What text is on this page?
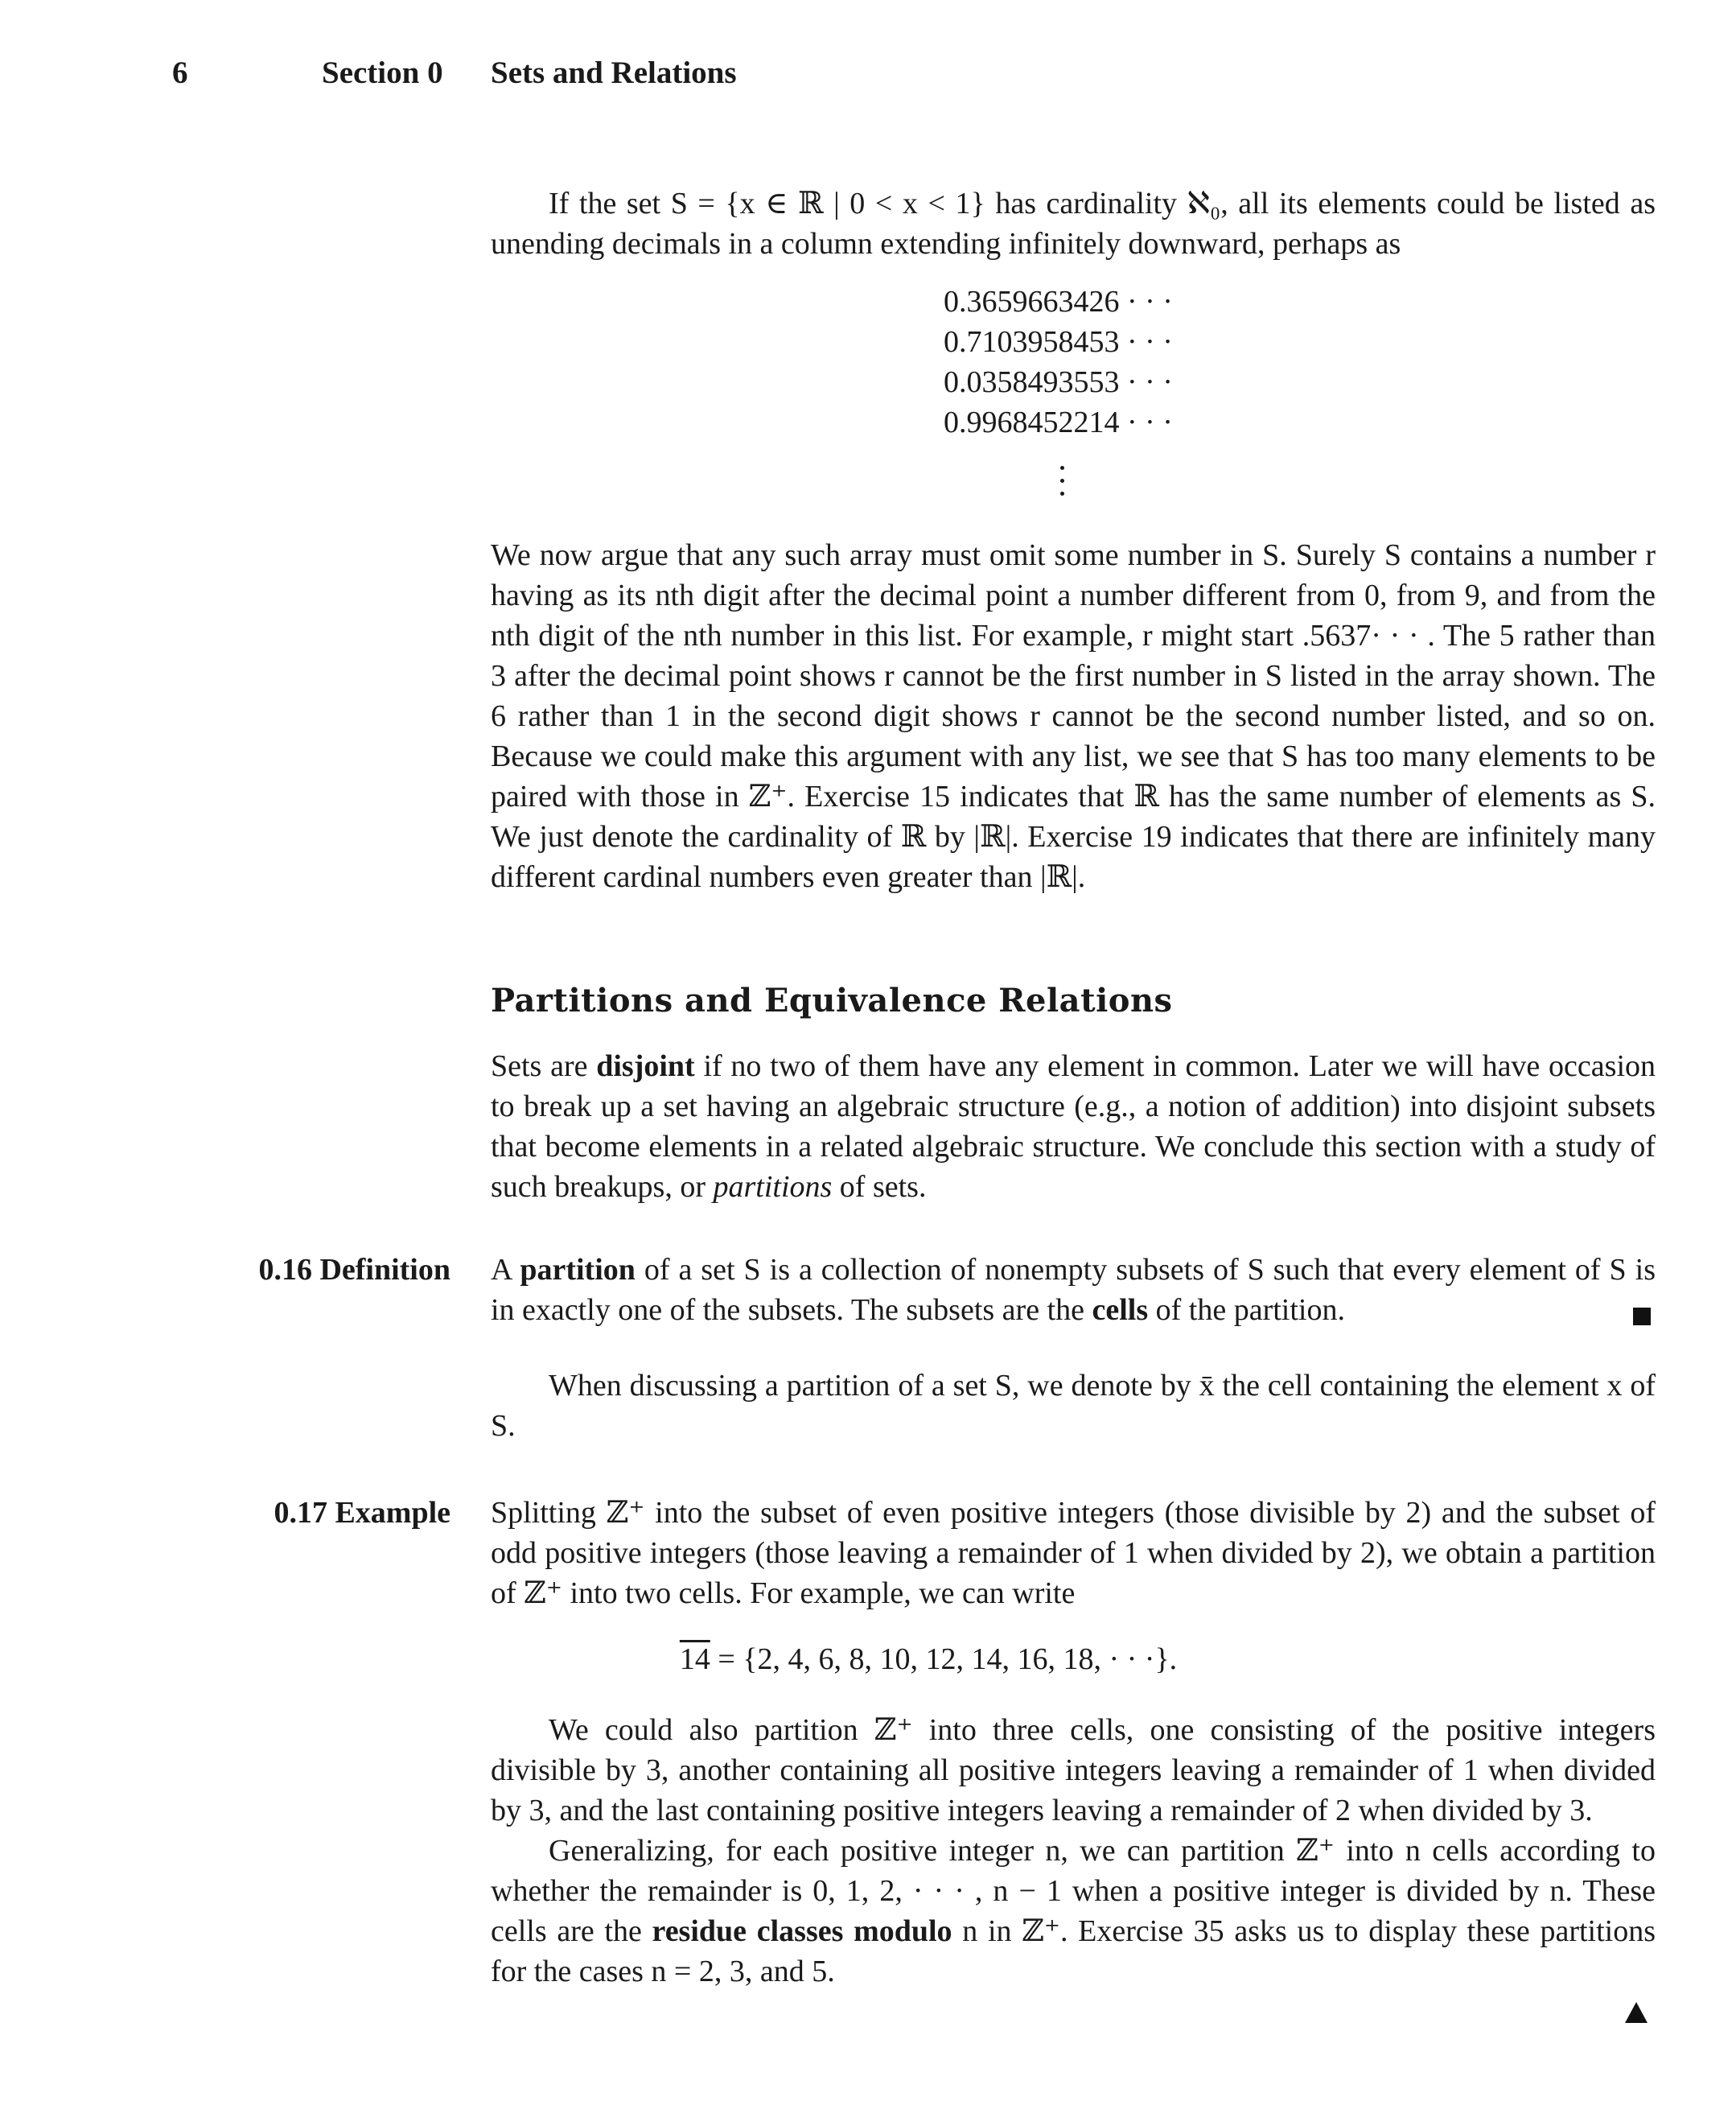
6	Section 0 Sets and Relations

If the set S = {x ∈ ℝ | 0 < x < 1} has cardinality ℵ₀, all its elements could be listed as unending decimals in a column extending infinitely downward, perhaps as

0.3659663426 · · ·
0.7103958453 · · ·
0.0358493553 · · ·
0.9968452214 · · ·

We now argue that any such array must omit some number in S. Surely S contains a number r having as its nth digit after the decimal point a number different from 0, from 9, and from the nth digit of the nth number in this list. For example, r might start .5637· · · . The 5 rather than 3 after the decimal point shows r cannot be the first number in S listed in the array shown. The 6 rather than 1 in the second digit shows r cannot be the second number listed, and so on. Because we could make this argument with any list, we see that S has too many elements to be paired with those in ℤ⁺. Exercise 15 indicates that ℝ has the same number of elements as S. We just denote the cardinality of ℝ by |ℝ|. Exercise 19 indicates that there are infinitely many different cardinal numbers even greater than |ℝ|.

Partitions and Equivalence Relations

Sets are disjoint if no two of them have any element in common. Later we will have occasion to break up a set having an algebraic structure (e.g., a notion of addition) into disjoint subsets that become elements in a related algebraic structure. We conclude this section with a study of such breakups, or partitions of sets.

0.16 Definition A partition of a set S is a collection of nonempty subsets of S such that every element of S is in exactly one of the subsets. The subsets are the cells of the partition.

When discussing a partition of a set S, we denote by x̄ the cell containing the element x of S.

0.17 Example Splitting ℤ⁺ into the subset of even positive integers (those divisible by 2) and the subset of odd positive integers (those leaving a remainder of 1 when divided by 2), we obtain a partition of ℤ⁺ into two cells. For example, we can write

14 = {2, 4, 6, 8, 10, 12, 14, 16, 18, · · ·}.

We could also partition ℤ⁺ into three cells, one consisting of the positive integers divisible by 3, another containing all positive integers leaving a remainder of 1 when divided by 3, and the last containing positive integers leaving a remainder of 2 when divided by 3.

Generalizing, for each positive integer n, we can partition ℤ⁺ into n cells according to whether the remainder is 0, 1, 2, · · · , n − 1 when a positive integer is divided by n. These cells are the residue classes modulo n in ℤ⁺. Exercise 35 asks us to display these partitions for the cases n = 2, 3, and 5.
